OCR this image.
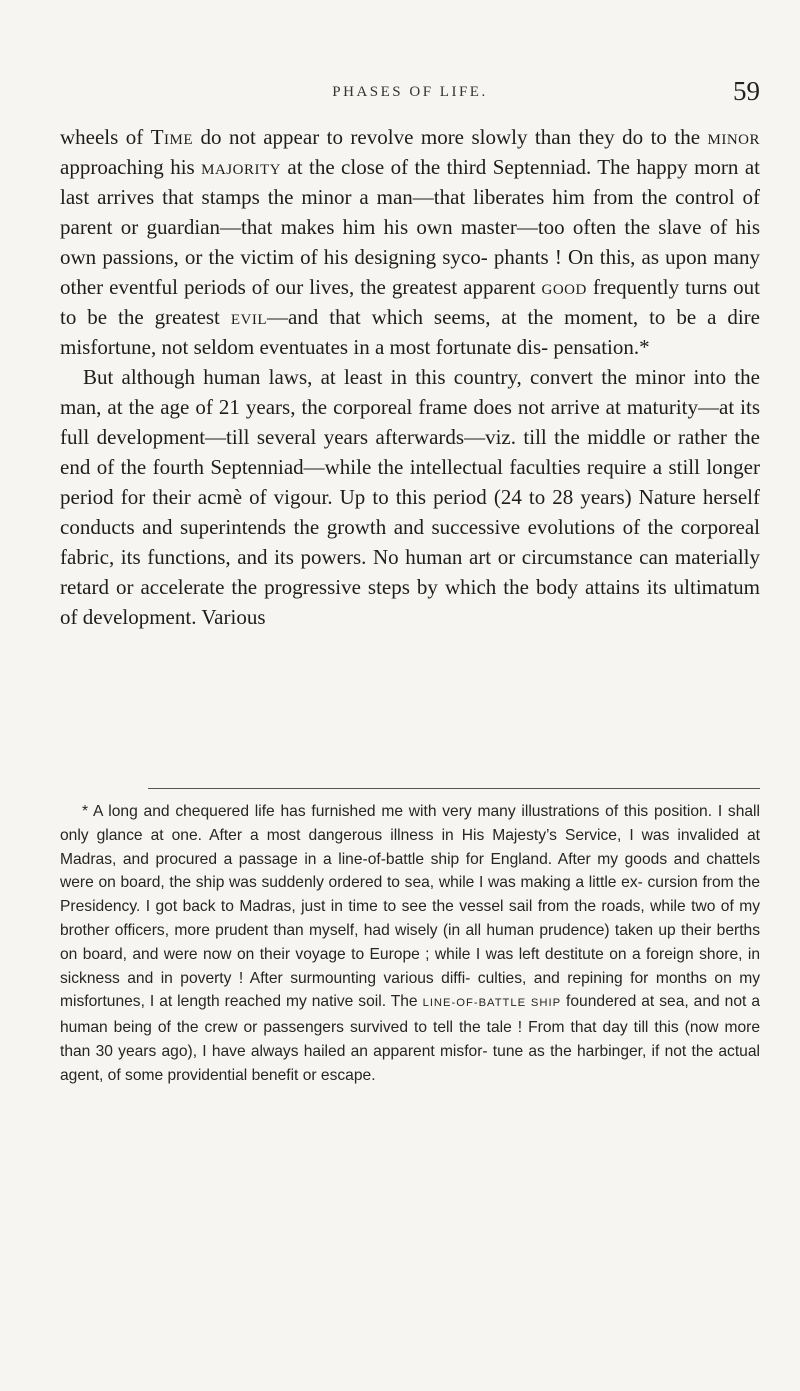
PHASES OF LIFE.	59

wheels of Time do not appear to revolve more slowly than they do to the minor approaching his majority at the close of the third Septenniad. The happy morn at last arrives that stamps the minor a man—that liberates him from the control of parent or guardian—that makes him his own master—too often the slave of his own passions, or the victim of his designing syco- phants ! On this, as upon many other eventful periods of our lives, the greatest apparent good frequently turns out to be the greatest evil—and that which seems, at the moment, to be a dire misfortune, not seldom eventuates in a most fortunate dis- pensation.*

But although human laws, at least in this country, convert the minor into the man, at the age of 21 years, the corporeal frame does not arrive at maturity—at its full development—till several years afterwards—viz. till the middle or rather the end of the fourth Septenniad—while the intellectual faculties require a still longer period for their acmè of vigour. Up to this period (24 to 28 years) Nature herself conducts and superintends the growth and successive evolutions of the corporeal fabric, its functions, and its powers. No human art or circumstance can materially retard or accelerate the progressive steps by which the body attains its ultimatum of development. Various

* A long and chequered life has furnished me with very many illustrations of this position. I shall only glance at one. After a most dangerous illness in His Majesty’s Service, I was invalided at Madras, and procured a passage in a line-of-battle ship for England. After my goods and chattels were on board, the ship was suddenly ordered to sea, while I was making a little ex- cursion from the Presidency. I got back to Madras, just in time to see the vessel sail from the roads, while two of my brother officers, more prudent than myself, had wisely (in all human prudence) taken up their berths on board, and were now on their voyage to Europe ; while I was left destitute on a foreign shore, in sickness and in poverty ! After surmounting various diffi- culties, and repining for months on my misfortunes, I at length reached my native soil. The LINE-OF-BATTLE SHIP foundered at sea, and not a human being of the crew or passengers survived to tell the tale ! From that day till this (now more than 30 years ago), I have always hailed an apparent misfor- tune as the harbinger, if not the actual agent, of some providential benefit or escape.
